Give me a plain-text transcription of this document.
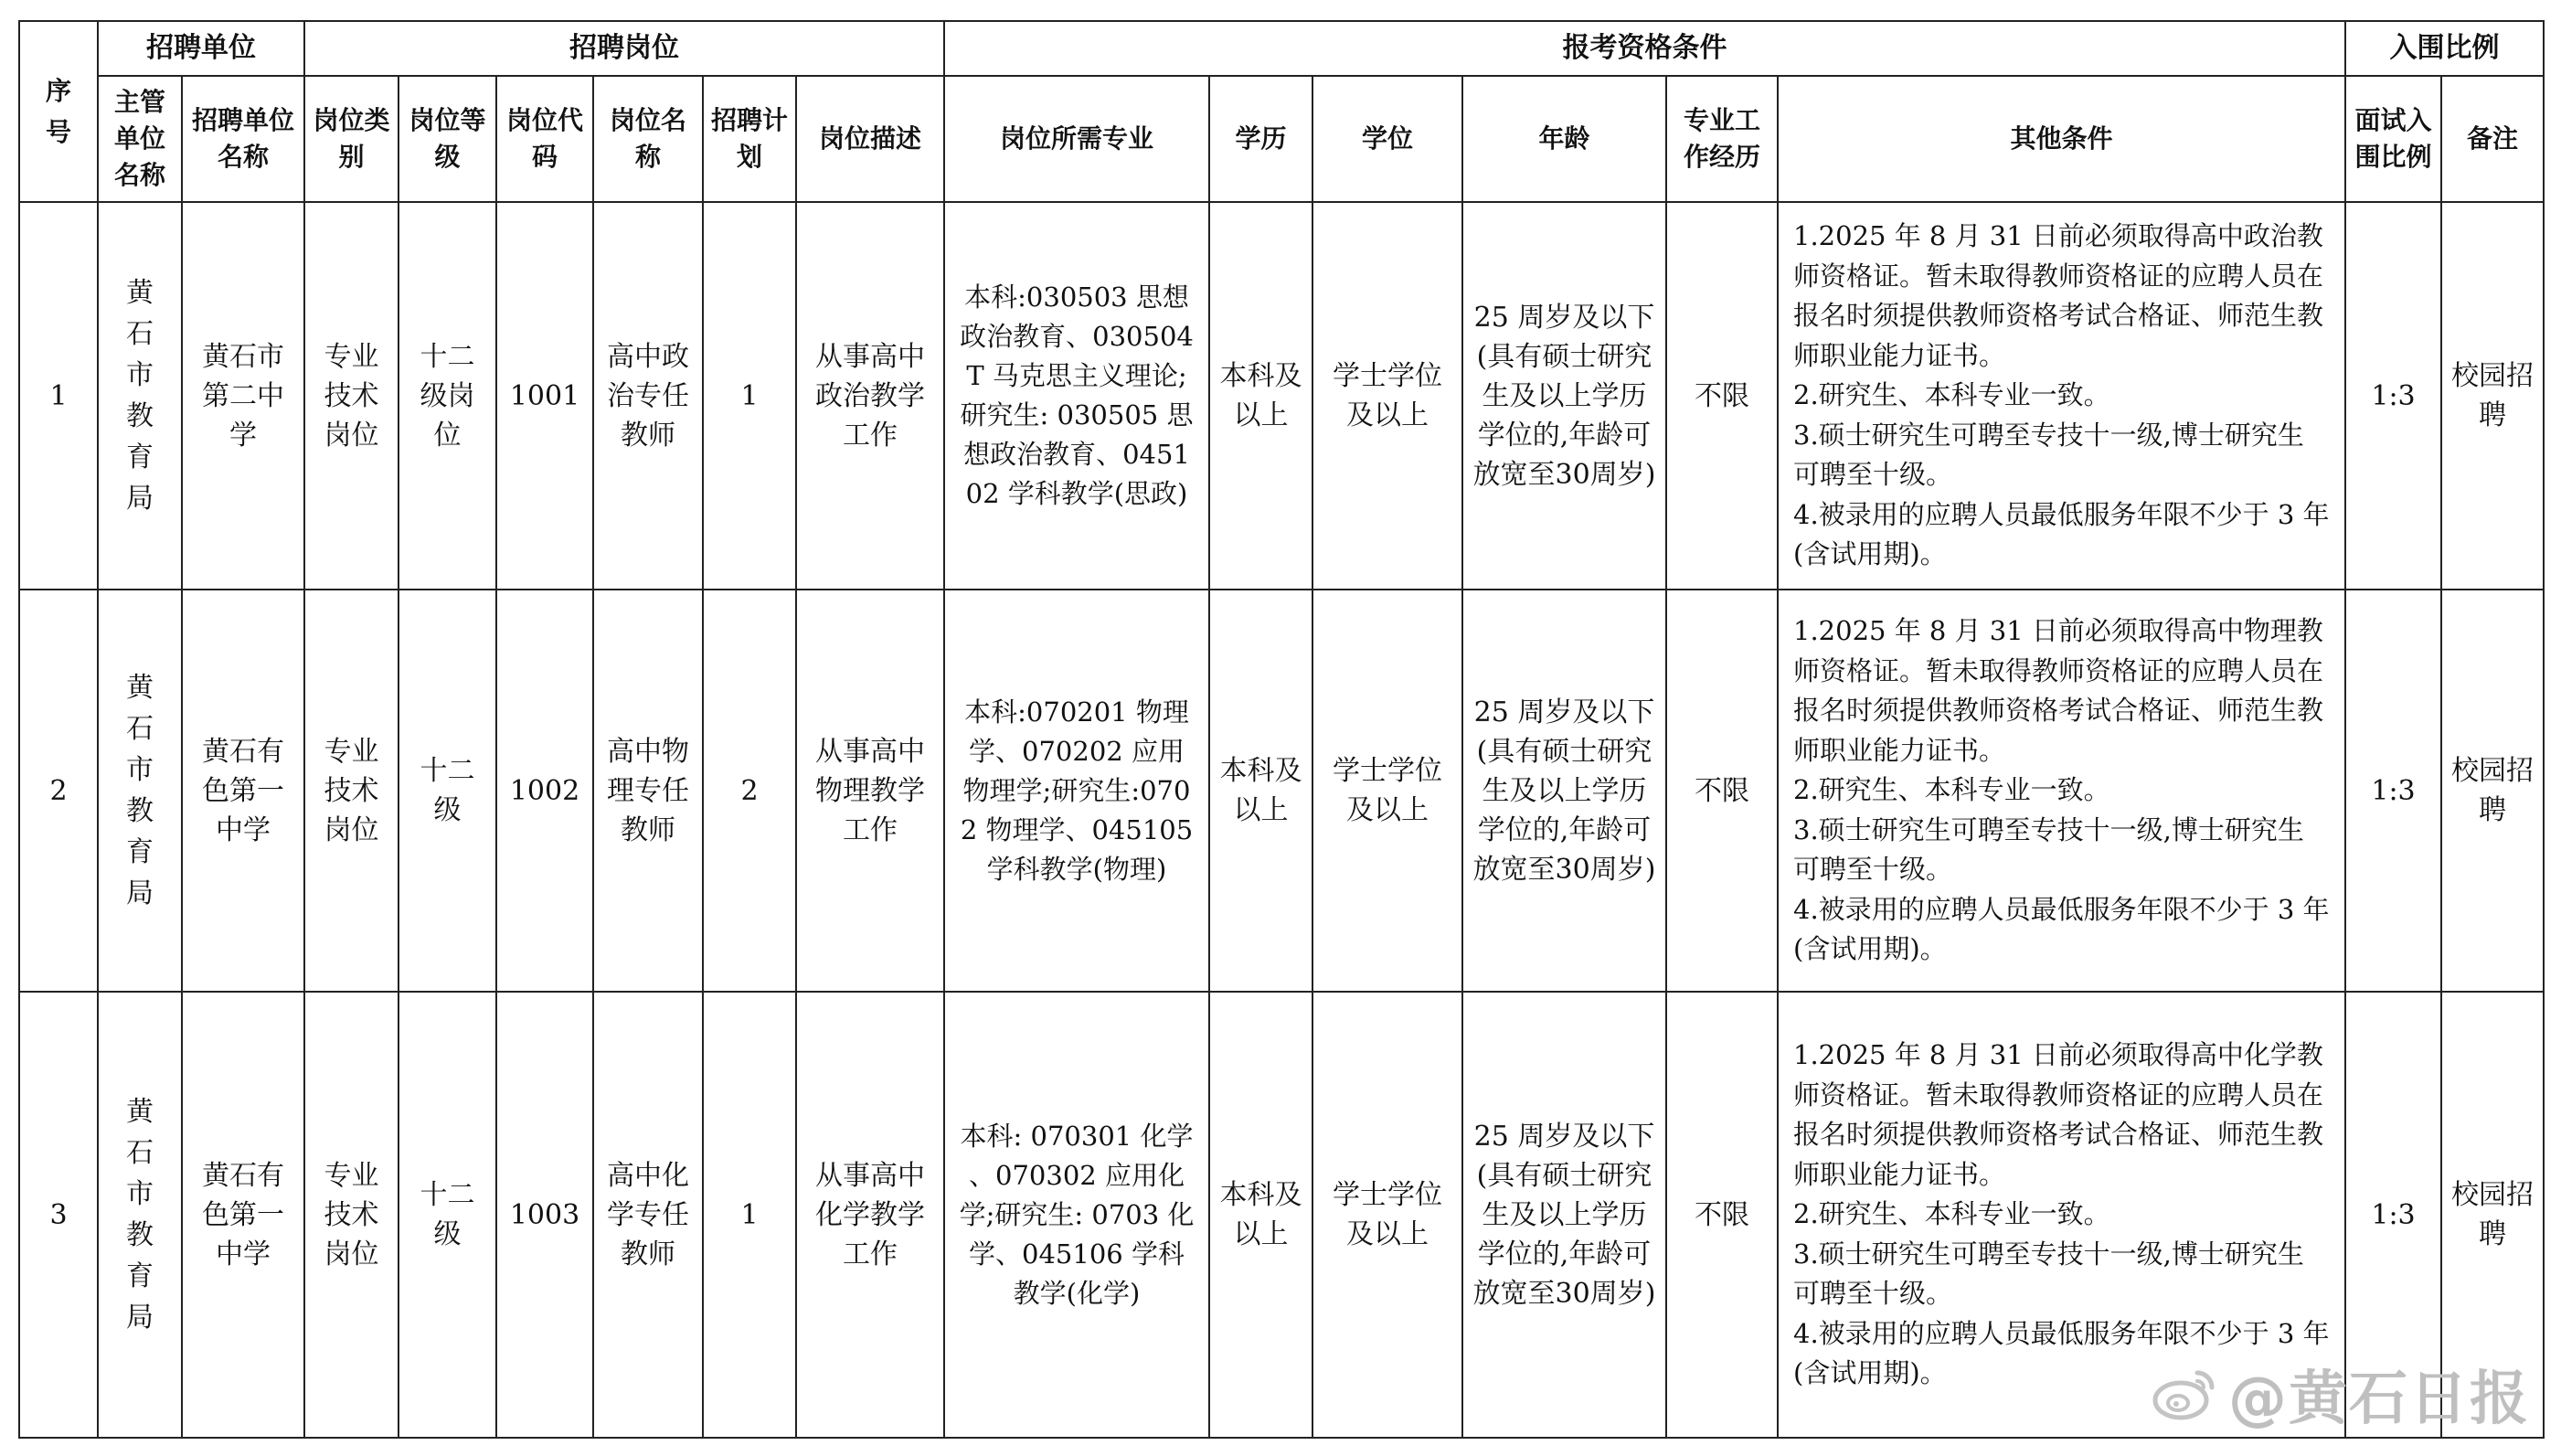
序号	招聘单位		招聘岗位						报考资格条件						入围比例	
	主管单位名称	招聘单位名称	岗位类别	岗位等级	岗位代码	岗位名称	招聘计划	岗位描述	岗位所需专业	学历	学位	年龄	专业工作经历	其他条件	面试入围比例	备注
1	黄石市教育局	黄石市第二中学	专业技术岗位	十二级岗位	1001	高中政治专任教师	1	从事高中政治教学工作	本科:030503 思想政治教育、030504T 马克思主义理论;研究生: 030505 思想政治教育、045102 学科教学(思政)	本科及以上	学士学位及以上	25 周岁及以下(具有硕士研究生及以上学历学位的,年龄可放宽至30周岁)	不限	1.2025 年 8 月 31 日前必须取得高中政治教师资格证。暂未取得教师资格证的应聘人员在报名时须提供教师资格考试合格证、师范生教师职业能力证书。
2.研究生、本科专业一致。
3.硕士研究生可聘至专技十一级,博士研究生可聘至十级。
4.被录用的应聘人员最低服务年限不少于 3 年(含试用期)。	1:3	校园招聘
2	黄石市教育局	黄石有色第一中学	专业技术岗位	十二级	1002	高中物理专任教师	2	从事高中物理教学工作	本科:070201 物理学、070202 应用物理学;研究生:0702 物理学、045105 学科教学(物理)	本科及以上	学士学位及以上	25 周岁及以下(具有硕士研究生及以上学历学位的,年龄可放宽至30周岁)	不限	1.2025 年 8 月 31 日前必须取得高中物理教师资格证。暂未取得教师资格证的应聘人员在报名时须提供教师资格考试合格证、师范生教师职业能力证书。
2.研究生、本科专业一致。
3.硕士研究生可聘至专技十一级,博士研究生可聘至十级。
4.被录用的应聘人员最低服务年限不少于 3 年(含试用期)。	1:3	校园招聘
3	黄石市教育局	黄石有色第一中学	专业技术岗位	十二级	1003	高中化学专任教师	1	从事高中化学教学工作	本科: 070301 化学 、070302 应用化学;研究生: 0703 化学、045106 学科教学(化学)	本科及以上	学士学位及以上	25 周岁及以下(具有硕士研究生及以上学历学位的,年龄可放宽至30周岁)	不限	1.2025 年 8 月 31 日前必须取得高中化学教师资格证。暂未取得教师资格证的应聘人员在报名时须提供教师资格考试合格证、师范生教师职业能力证书。
2.研究生、本科专业一致。
3.硕士研究生可聘至专技十一级,博士研究生可聘至十级。
4.被录用的应聘人员最低服务年限不少于 3 年(含试用期)。	1:3	校园招聘
@黄石日报
